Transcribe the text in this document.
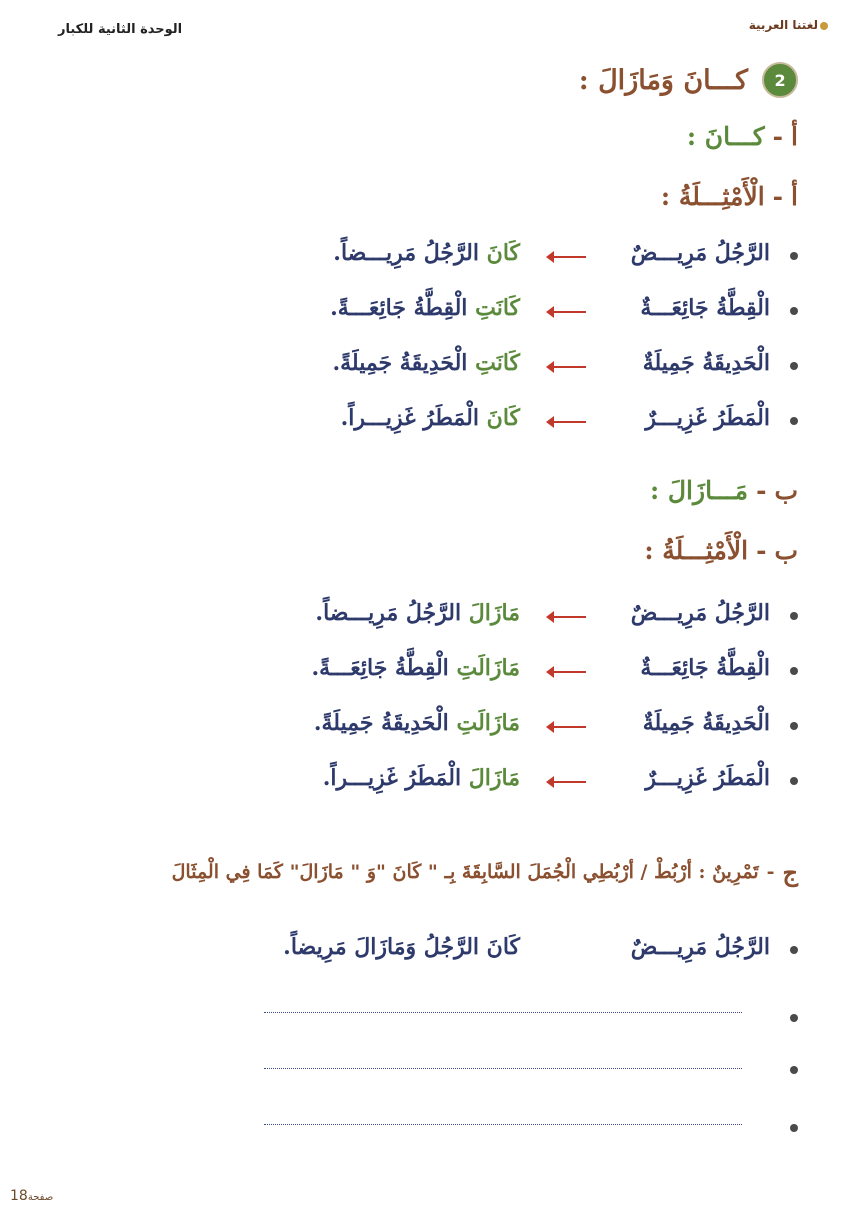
الوحدة الثانية للكبار	لغتنا العربية
2
كـــانَ وَمَازَالَ :
أ
-
كـــانَ :
أ
-
الْأَمْثِـــلَةُ :
الرَّجُلُ مَرِيـــضٌ
كَانَ الرَّجُلُ مَرِيـــضاً.
الْقِطَّةُ جَائِعَـــةٌ
كَانَتِ الْقِطَّةُ جَائِعَـــةً.
الْحَدِيقَةُ جَمِيلَةٌ
كَانَتِ الْحَدِيقَةُ جَمِيلَةً.
الْمَطَرُ غَزِيـــرٌ
كَانَ الْمَطَرُ غَزِيـــراً.
ب
-
مَـــازَالَ :
ب
-
الْأَمْثِـــلَةُ :
الرَّجُلُ مَرِيـــضٌ
مَازَالَ الرَّجُلُ مَرِيـــضاً.
الْقِطَّةُ جَائِعَـــةٌ
مَازَالَتِ الْقِطَّةُ جَائِعَـــةً.
الْحَدِيقَةُ جَمِيلَةٌ
مَازَالَتِ الْحَدِيقَةُ جَمِيلَةً.
الْمَطَرُ غَزِيـــرٌ
مَازَالَ الْمَطَرُ غَزِيـــراً.
ج
-
تَمْرِينٌ : أرْبُطْ / أرْبُطِي الْجُمَلَ السَّابِقَةَ بِـ " كَانَ "وَ " مَازَالَ" كَمَا فِي الْمِثَالَ
الرَّجُلُ مَرِيـــضٌ
كَانَ الرَّجُلُ وَمَازَالَ مَرِيضاً.
صفحة18
